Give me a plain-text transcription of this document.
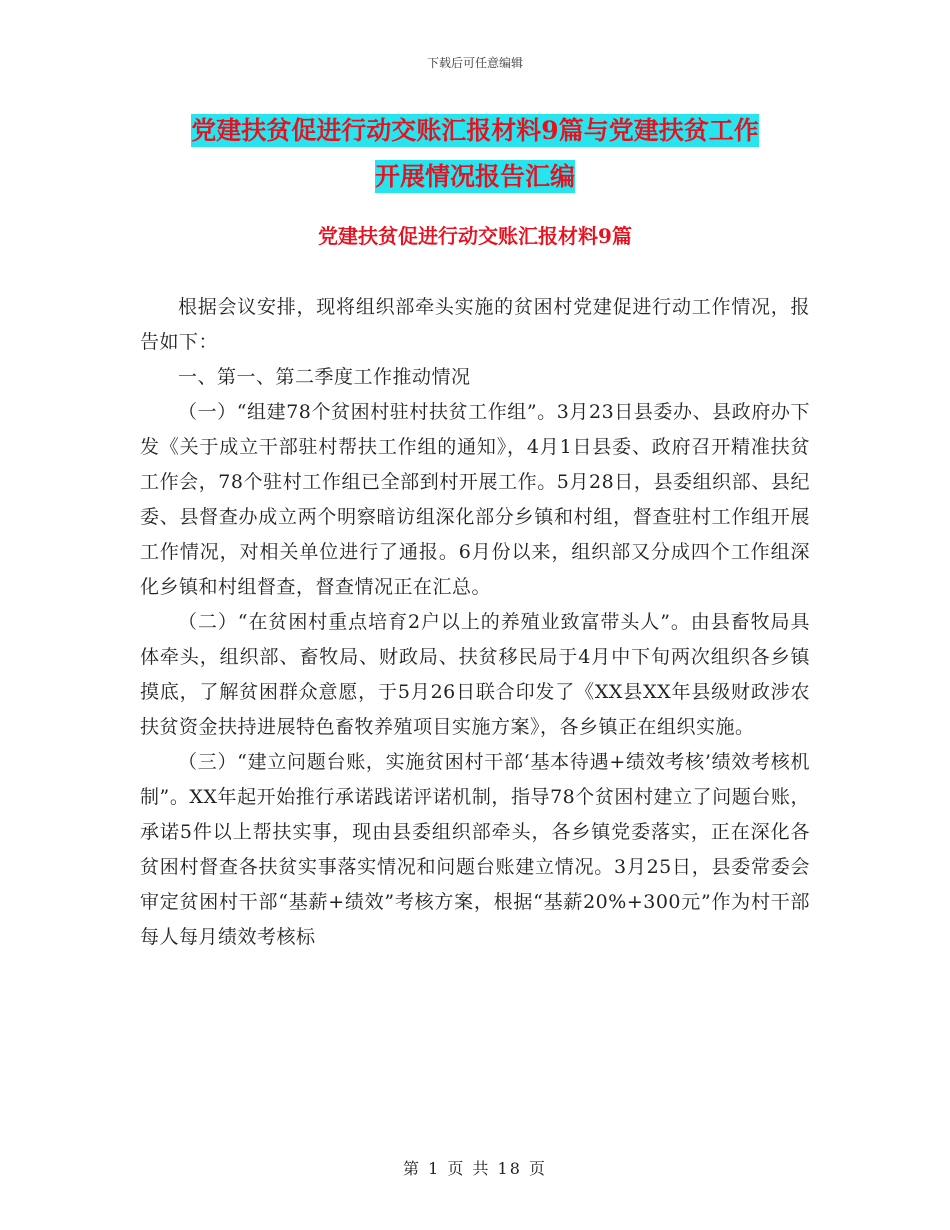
下载后可任意编辑
党建扶贫促进行动交账汇报材料9篇与党建扶贫工作
开展情况报告汇编
党建扶贫促进行动交账汇报材料9篇

根据会议安排，现将组织部牵头实施的贫困村党建促进行动工作情况，报告如下：

一、第一、第二季度工作推动情况

（一）“组建78个贫困村驻村扶贫工作组”。3月23日县委办、县政府办下发《关于成立干部驻村帮扶工作组的通知》，4月1日县委、政府召开精准扶贫工作会，78个驻村工作组已全部到村开展工作。5月28日，县委组织部、县纪委、县督查办成立两个明察暗访组深化部分乡镇和村组，督查驻村工作组开展工作情况，对相关单位进行了通报。6月份以来，组织部又分成四个工作组深化乡镇和村组督查，督查情况正在汇总。

（二）“在贫困村重点培育2户以上的养殖业致富带头人”。由县畜牧局具体牵头，组织部、畜牧局、财政局、扶贫移民局于4月中下旬两次组织各乡镇摸底，了解贫困群众意愿，于5月26日联合印发了《XX县XX年县级财政涉农扶贫资金扶持进展特色畜牧养殖项目实施方案》，各乡镇正在组织实施。

（三）“建立问题台账，实施贫困村干部‘基本待遇+绩效考核’绩效考核机制”。XX年起开始推行承诺践诺评诺机制，指导78个贫困村建立了问题台账，承诺5件以上帮扶实事，现由县委组织部牵头，各乡镇党委落实，正在深化各贫困村督查各扶贫实事落实情况和问题台账建立情况。3月25日，县委常委会审定贫困村干部“基薪+绩效”考核方案，根据“基薪20%+300元”作为村干部每人每月绩效考核标

第 1 页 共 18 页
